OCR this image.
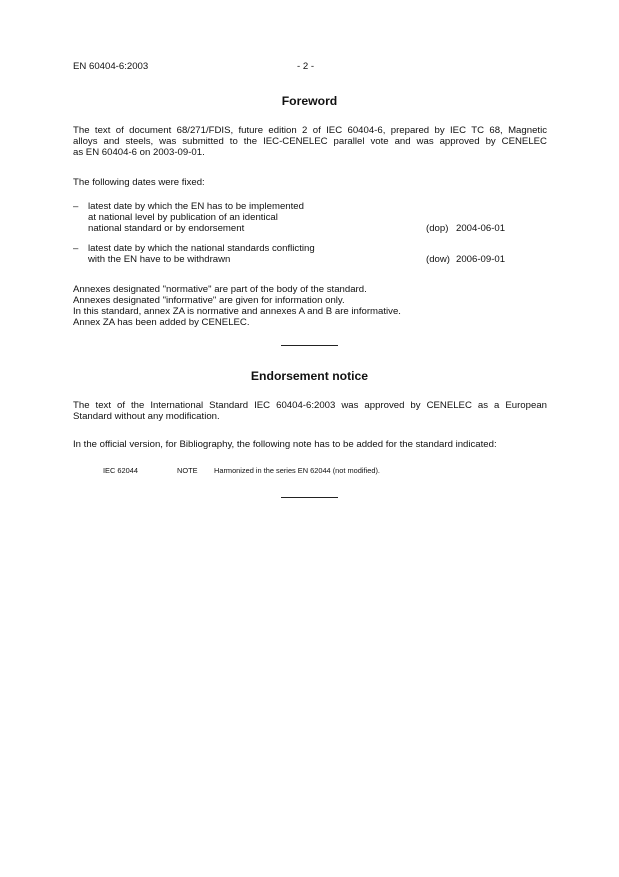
EN 60404-6:2003	- 2 -
Foreword
The text of document 68/271/FDIS, future edition 2 of IEC 60404-6, prepared by IEC TC 68, Magnetic
alloys and steels, was submitted to the IEC-CENELEC parallel vote and was approved by CENELEC
as EN 60404-6 on 2003-09-01.
The following dates were fixed:
– latest date by which the EN has to be implemented
at national level by publication of an identical
national standard or by endorsement	(dop) 2004-06-01
– latest date by which the national standards conflicting
with the EN have to be withdrawn	(dow) 2006-09-01
Annexes designated "normative" are part of the body of the standard.
Annexes designated "informative" are given for information only.
In this standard, annex ZA is normative and annexes A and B are informative.
Annex ZA has been added by CENELEC.
Endorsement notice
The text of the International Standard IEC 60404-6:2003 was approved by CENELEC as a European
Standard without any modification.
In the official version, for Bibliography, the following note has to be added for the standard indicated:
IEC 62044	NOTE Harmonized in the series EN 62044 (not modified).
